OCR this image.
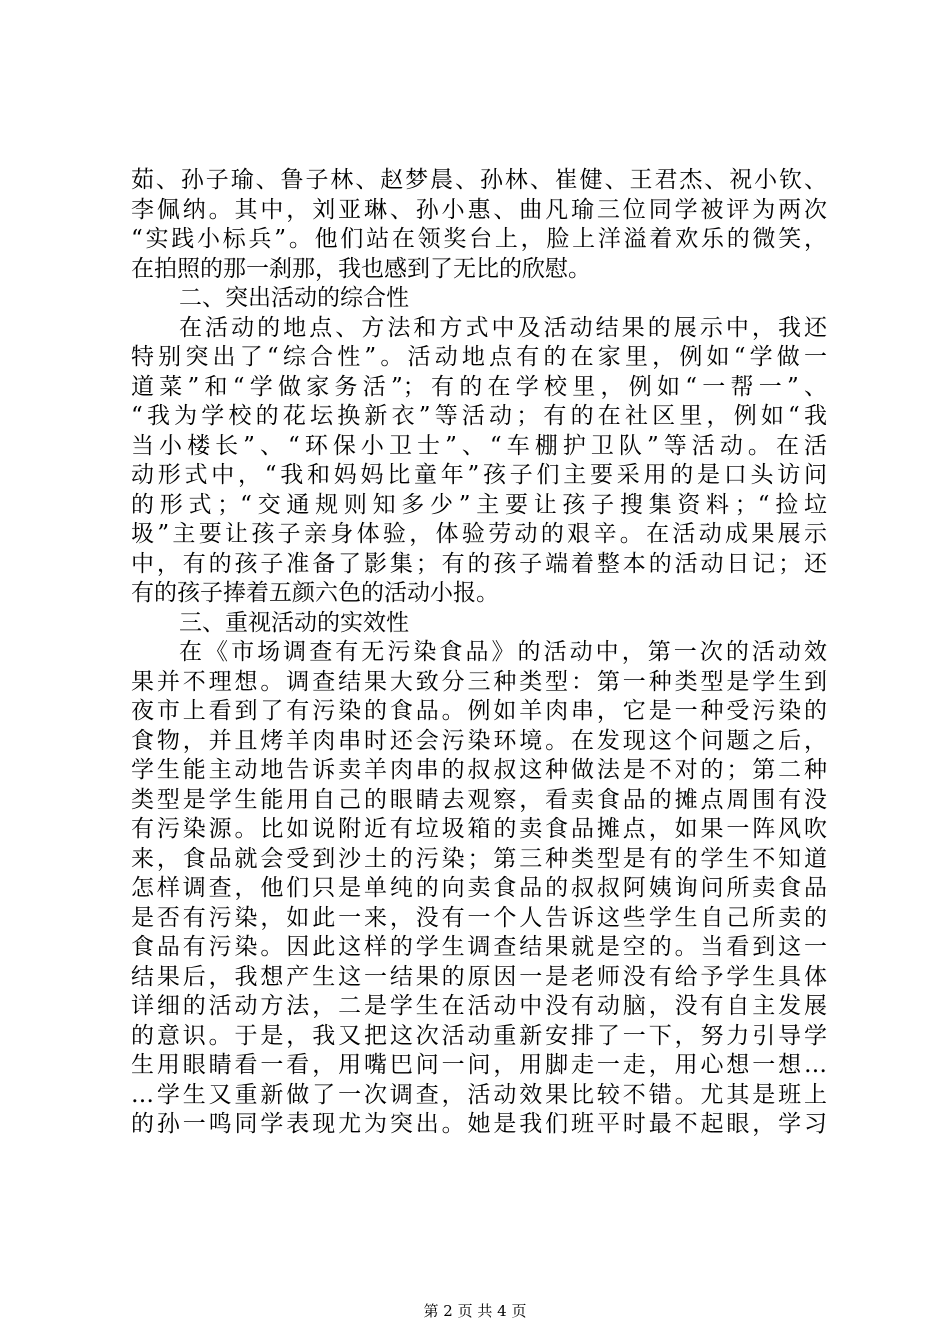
茹、孙子瑜、鲁子林、赵梦晨、孙林、崔健、王君杰、祝小钦、
李佩纳。其中，刘亚琳、孙小惠、曲凡瑜三位同学被评为两次
“实践小标兵”。他们站在领奖台上，脸上洋溢着欢乐的微笑，
在拍照的那一刹那，我也感到了无比的欣慰。
二、突出活动的综合性
在活动的地点、方法和方式中及活动结果的展示中，我还
特别突出了“综合性”。活动地点有的在家里，例如“学做一
道菜”和“学做家务活”；有的在学校里，例如“一帮一”、
“我为学校的花坛换新衣”等活动；有的在社区里，例如“我
当小楼长”、“环保小卫士”、“车棚护卫队”等活动。在活
动形式中，“我和妈妈比童年”孩子们主要采用的是口头访问
的形式；“交通规则知多少”主要让孩子搜集资料；“捡垃
圾”主要让孩子亲身体验，体验劳动的艰辛。在活动成果展示
中，有的孩子准备了影集；有的孩子端着整本的活动日记；还
有的孩子捧着五颜六色的活动小报。
三、重视活动的实效性
在《市场调查有无污染食品》的活动中，第一次的活动效
果并不理想。调查结果大致分三种类型：第一种类型是学生到
夜市上看到了有污染的食品。例如羊肉串，它是一种受污染的
食物，并且烤羊肉串时还会污染环境。在发现这个问题之后，
学生能主动地告诉卖羊肉串的叔叔这种做法是不对的；第二种
类型是学生能用自己的眼睛去观察，看卖食品的摊点周围有没
有污染源。比如说附近有垃圾箱的卖食品摊点，如果一阵风吹
来，食品就会受到沙土的污染；第三种类型是有的学生不知道
怎样调查，他们只是单纯的向卖食品的叔叔阿姨询问所卖食品
是否有污染，如此一来，没有一个人告诉这些学生自己所卖的
食品有污染。因此这样的学生调查结果就是空的。当看到这一
结果后，我想产生这一结果的原因一是老师没有给予学生具体
详细的活动方法，二是学生在活动中没有动脑，没有自主发展
的意识。于是，我又把这次活动重新安排了一下，努力引导学
生用眼睛看一看，用嘴巴问一问，用脚走一走，用心想一想…
…学生又重新做了一次调查，活动效果比较不错。尤其是班上
的孙一鸣同学表现尤为突出。她是我们班平时最不起眼，学习
第 2 页 共 4 页
